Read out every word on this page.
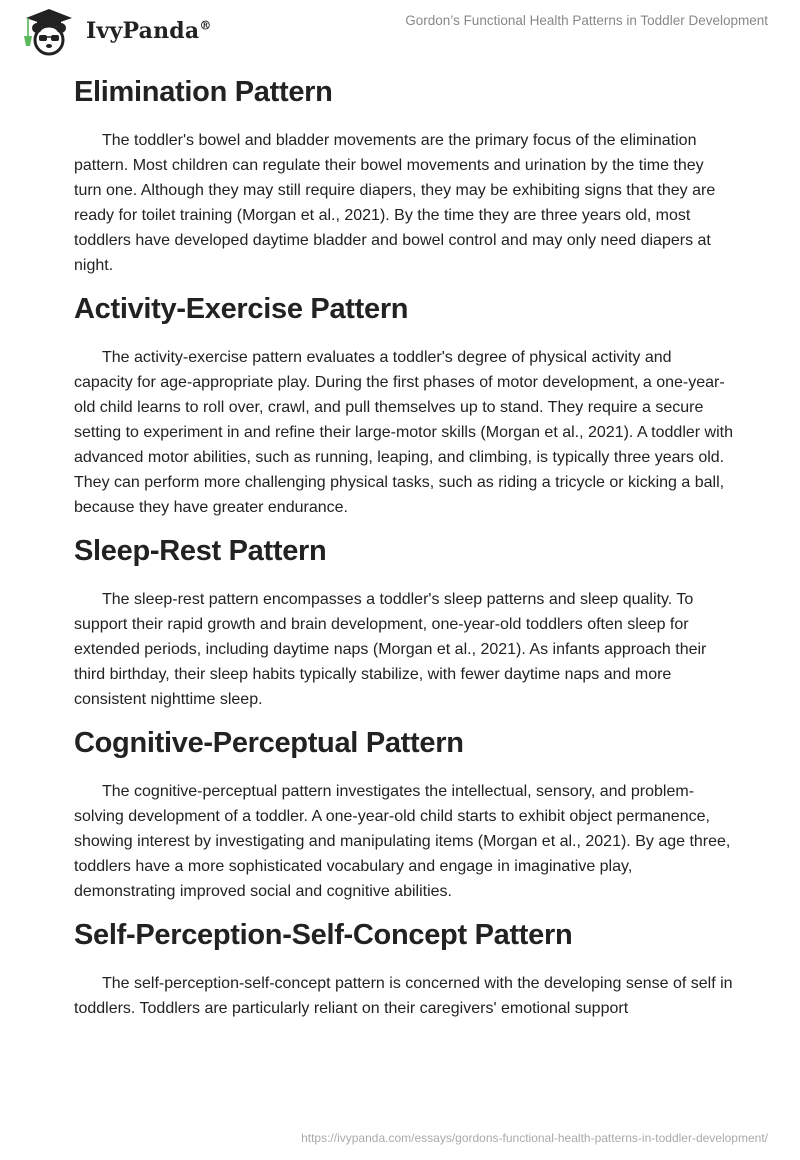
IvyPanda®	Gordon’s Functional Health Patterns in Toddler Development
Elimination Pattern

The toddler's bowel and bladder movements are the primary focus of the elimination pattern. Most children can regulate their bowel movements and urination by the time they turn one. Although they may still require diapers, they may be exhibiting signs that they are ready for toilet training (Morgan et al., 2021). By the time they are three years old, most toddlers have developed daytime bladder and bowel control and may only need diapers at night.

Activity-Exercise Pattern

The activity-exercise pattern evaluates a toddler's degree of physical activity and capacity for age-appropriate play. During the first phases of motor development, a one-year-old child learns to roll over, crawl, and pull themselves up to stand. They require a secure setting to experiment in and refine their large-motor skills (Morgan et al., 2021). A toddler with advanced motor abilities, such as running, leaping, and climbing, is typically three years old. They can perform more challenging physical tasks, such as riding a tricycle or kicking a ball, because they have greater endurance.

Sleep-Rest Pattern

The sleep-rest pattern encompasses a toddler's sleep patterns and sleep quality. To support their rapid growth and brain development, one-year-old toddlers often sleep for extended periods, including daytime naps (Morgan et al., 2021). As infants approach their third birthday, their sleep habits typically stabilize, with fewer daytime naps and more consistent nighttime sleep.

Cognitive-Perceptual Pattern

The cognitive-perceptual pattern investigates the intellectual, sensory, and problem-solving development of a toddler. A one-year-old child starts to exhibit object permanence, showing interest by investigating and manipulating items (Morgan et al., 2021). By age three, toddlers have a more sophisticated vocabulary and engage in imaginative play, demonstrating improved social and cognitive abilities.

Self-Perception-Self-Concept Pattern

The self-perception-self-concept pattern is concerned with the developing sense of self in toddlers. Toddlers are particularly reliant on their caregivers' emotional support

https://ivypanda.com/essays/gordons-functional-health-patterns-in-toddler-development/
